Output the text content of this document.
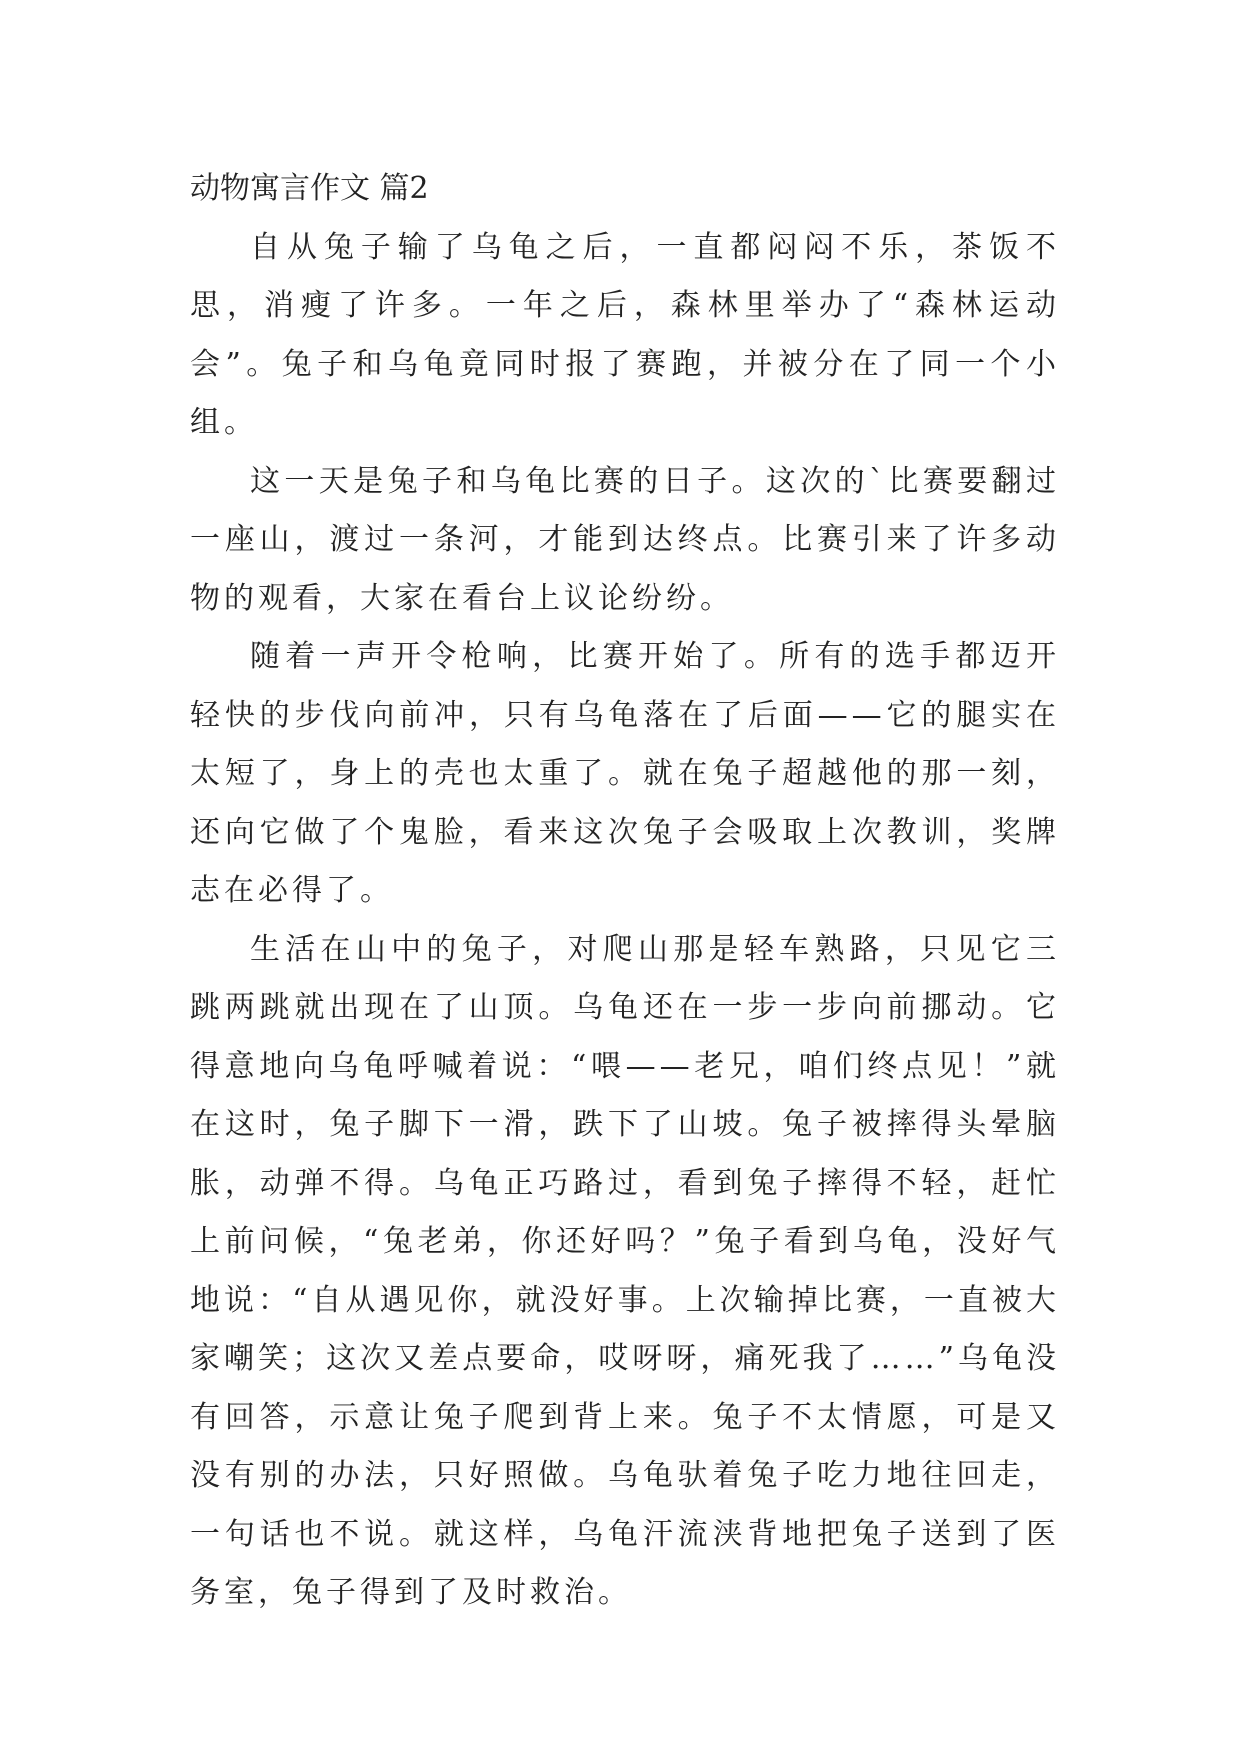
动物寓言作文 篇2

自从兔子输了乌龟之后，一直都闷闷不乐，茶饭不思，消瘦了许多。一年之后，森林里举办了“森林运动会”。兔子和乌龟竟同时报了赛跑，并被分在了同一个小组。

这一天是兔子和乌龟比赛的日子。这次的`比赛要翻过一座山，渡过一条河，才能到达终点。比赛引来了许多动物的观看，大家在看台上议论纷纷。

随着一声开令枪响，比赛开始了。所有的选手都迈开轻快的步伐向前冲，只有乌龟落在了后面——它的腿实在太短了，身上的壳也太重了。就在兔子超越他的那一刻，还向它做了个鬼脸，看来这次兔子会吸取上次教训，奖牌志在必得了。

生活在山中的兔子，对爬山那是轻车熟路，只见它三跳两跳就出现在了山顶。乌龟还在一步一步向前挪动。它得意地向乌龟呼喊着说：“喂——老兄，咱们终点见！”就在这时，兔子脚下一滑，跌下了山坡。兔子被摔得头晕脑胀，动弹不得。乌龟正巧路过，看到兔子摔得不轻，赶忙上前问候，“兔老弟，你还好吗？”兔子看到乌龟，没好气地说：“自从遇见你，就没好事。上次输掉比赛，一直被大家嘲笑；这次又差点要命，哎呀呀，痛死我了……”乌龟没有回答，示意让兔子爬到背上来。兔子不太情愿，可是又没有别的办法，只好照做。乌龟驮着兔子吃力地往回走，一句话也不说。就这样，乌龟汗流浃背地把兔子送到了医务室，兔子得到了及时救治。
